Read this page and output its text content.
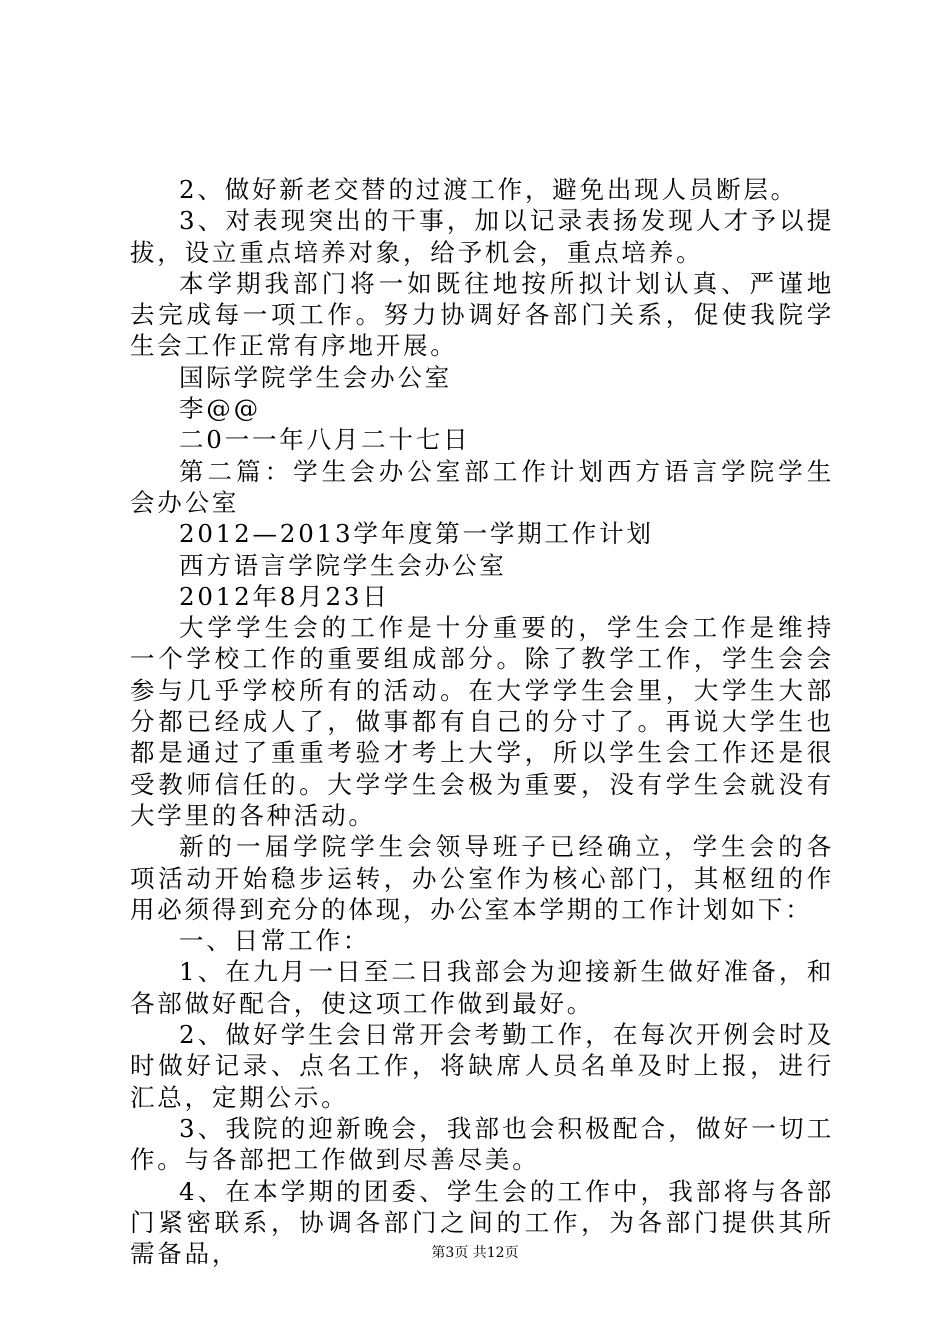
2、做好新老交替的过渡工作，避免出现人员断层。

3、对表现突出的干事，加以记录表扬发现人才予以提拔，设立重点培养对象，给予机会，重点培养。

本学期我部门将一如既往地按所拟计划认真、严谨地去完成每一项工作。努力协调好各部门关系，促使我院学生会工作正常有序地开展。

国际学院学生会办公室

李@@

二0一一年八月二十七日

第二篇：学生会办公室部工作计划西方语言学院学生会办公室

2012—2013学年度第一学期工作计划

西方语言学院学生会办公室

2012年8月23日

大学学生会的工作是十分重要的，学生会工作是维持一个学校工作的重要组成部分。除了教学工作，学生会会参与几乎学校所有的活动。在大学学生会里，大学生大部分都已经成人了，做事都有自己的分寸了。再说大学生也都是通过了重重考验才考上大学，所以学生会工作还是很受教师信任的。大学学生会极为重要，没有学生会就没有大学里的各种活动。

新的一届学院学生会领导班子已经确立，学生会的各项活动开始稳步运转，办公室作为核心部门，其枢纽的作用必须得到充分的体现，办公室本学期的工作计划如下：

一、日常工作：

1、在九月一日至二日我部会为迎接新生做好准备，和各部做好配合，使这项工作做到最好。

2、做好学生会日常开会考勤工作，在每次开例会时及时做好记录、点名工作，将缺席人员名单及时上报，进行汇总，定期公示。

3、我院的迎新晚会，我部也会积极配合，做好一切工作。与各部把工作做到尽善尽美。

4、在本学期的团委、学生会的工作中，我部将与各部门紧密联系，协调各部门之间的工作，为各部门提供其所需备品，	第3页 共12页
